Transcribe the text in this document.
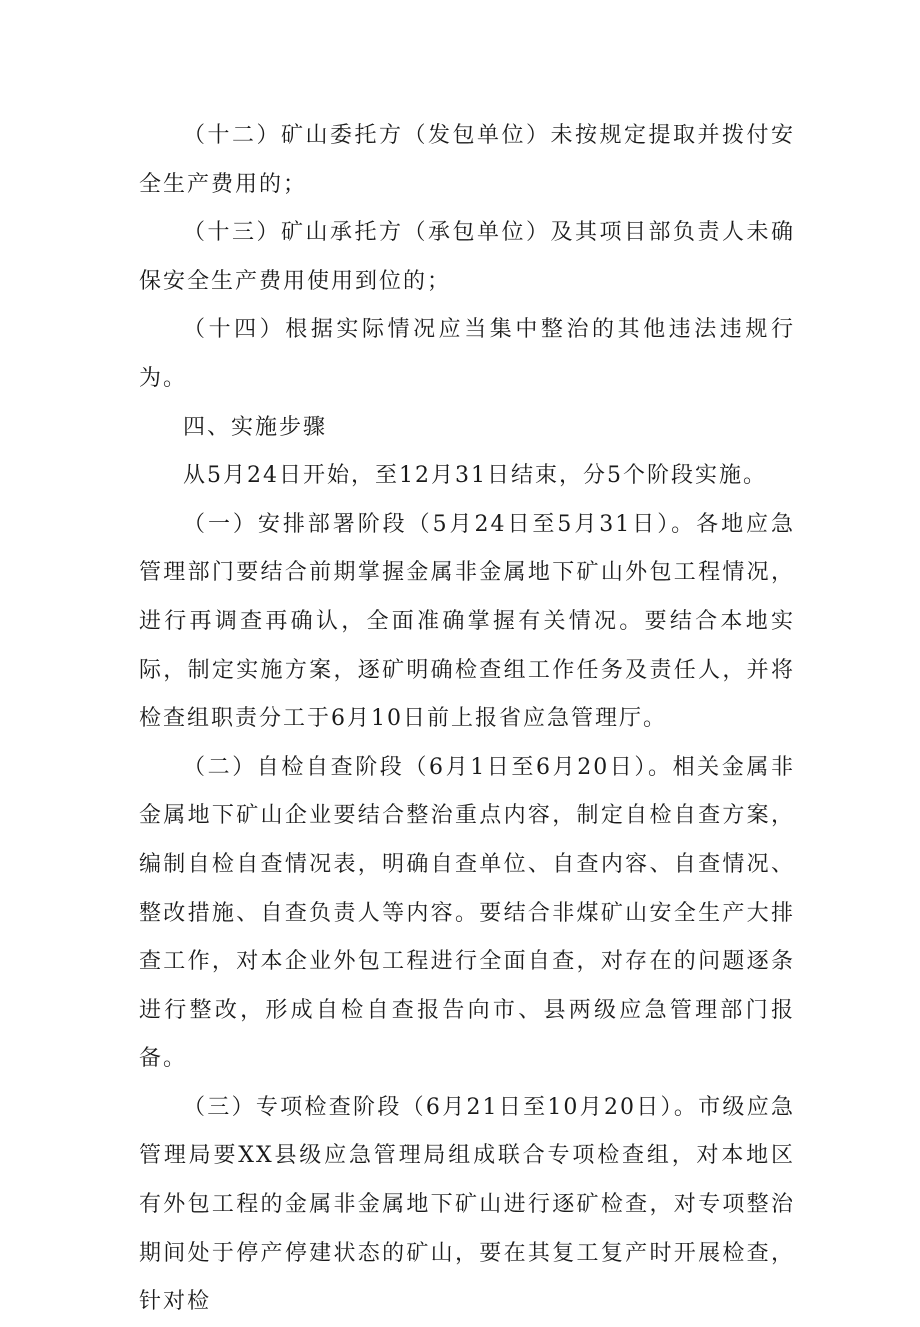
（十二）矿山委托方（发包单位）未按规定提取并拨付安全生产费用的；

（十三）矿山承托方（承包单位）及其项目部负责人未确保安全生产费用使用到位的；

（十四）根据实际情况应当集中整治的其他违法违规行为。

四、实施步骤

从5月24日开始，至12月31日结束，分5个阶段实施。

（一）安排部署阶段（5月24日至5月31日）。各地应急管理部门要结合前期掌握金属非金属地下矿山外包工程情况，进行再调查再确认，全面准确掌握有关情况。要结合本地实际，制定实施方案，逐矿明确检查组工作任务及责任人，并将检查组职责分工于6月10日前上报省应急管理厅。

（二）自检自查阶段（6月1日至6月20日）。相关金属非金属地下矿山企业要结合整治重点内容，制定自检自查方案，编制自检自查情况表，明确自查单位、自查内容、自查情况、整改措施、自查负责人等内容。要结合非煤矿山安全生产大排查工作，对本企业外包工程进行全面自查，对存在的问题逐条进行整改，形成自检自查报告向市、县两级应急管理部门报备。

（三）专项检查阶段（6月21日至10月20日）。市级应急管理局要XX县级应急管理局组成联合专项检查组，对本地区有外包工程的金属非金属地下矿山进行逐矿检查，对专项整治期间处于停产停建状态的矿山，要在其复工复产时开展检查，针对检
